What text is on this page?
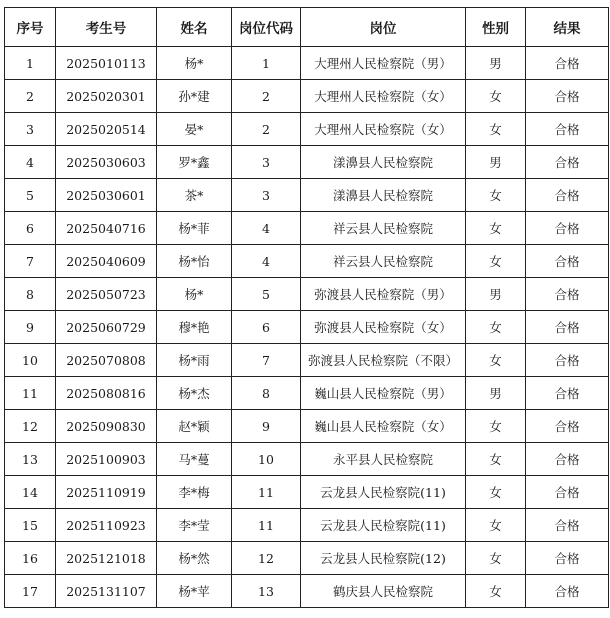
序号	考生号	姓名	岗位代码	岗位	性别	结果
1	2025010113	杨*	1	大理州人民检察院（男）	男	合格
2	2025020301	孙*建	2	大理州人民检察院（女）	女	合格
3	2025020514	晏*	2	大理州人民检察院（女）	女	合格
4	2025030603	罗*鑫	3	漾濞县人民检察院	男	合格
5	2025030601	茶*	3	漾濞县人民检察院	女	合格
6	2025040716	杨*菲	4	祥云县人民检察院	女	合格
7	2025040609	杨*怡	4	祥云县人民检察院	女	合格
8	2025050723	杨*	5	弥渡县人民检察院（男）	男	合格
9	2025060729	穆*艳	6	弥渡县人民检察院（女）	女	合格
10	2025070808	杨*雨	7	弥渡县人民检察院（不限）	女	合格
11	2025080816	杨*杰	8	巍山县人民检察院（男）	男	合格
12	2025090830	赵*颖	9	巍山县人民检察院（女）	女	合格
13	2025100903	马*蔓	10	永平县人民检察院	女	合格
14	2025110919	李*梅	11	云龙县人民检察院(11)	女	合格
15	2025110923	李*莹	11	云龙县人民检察院(11)	女	合格
16	2025121018	杨*然	12	云龙县人民检察院(12)	女	合格
17	2025131107	杨*苹	13	鹤庆县人民检察院	女	合格
